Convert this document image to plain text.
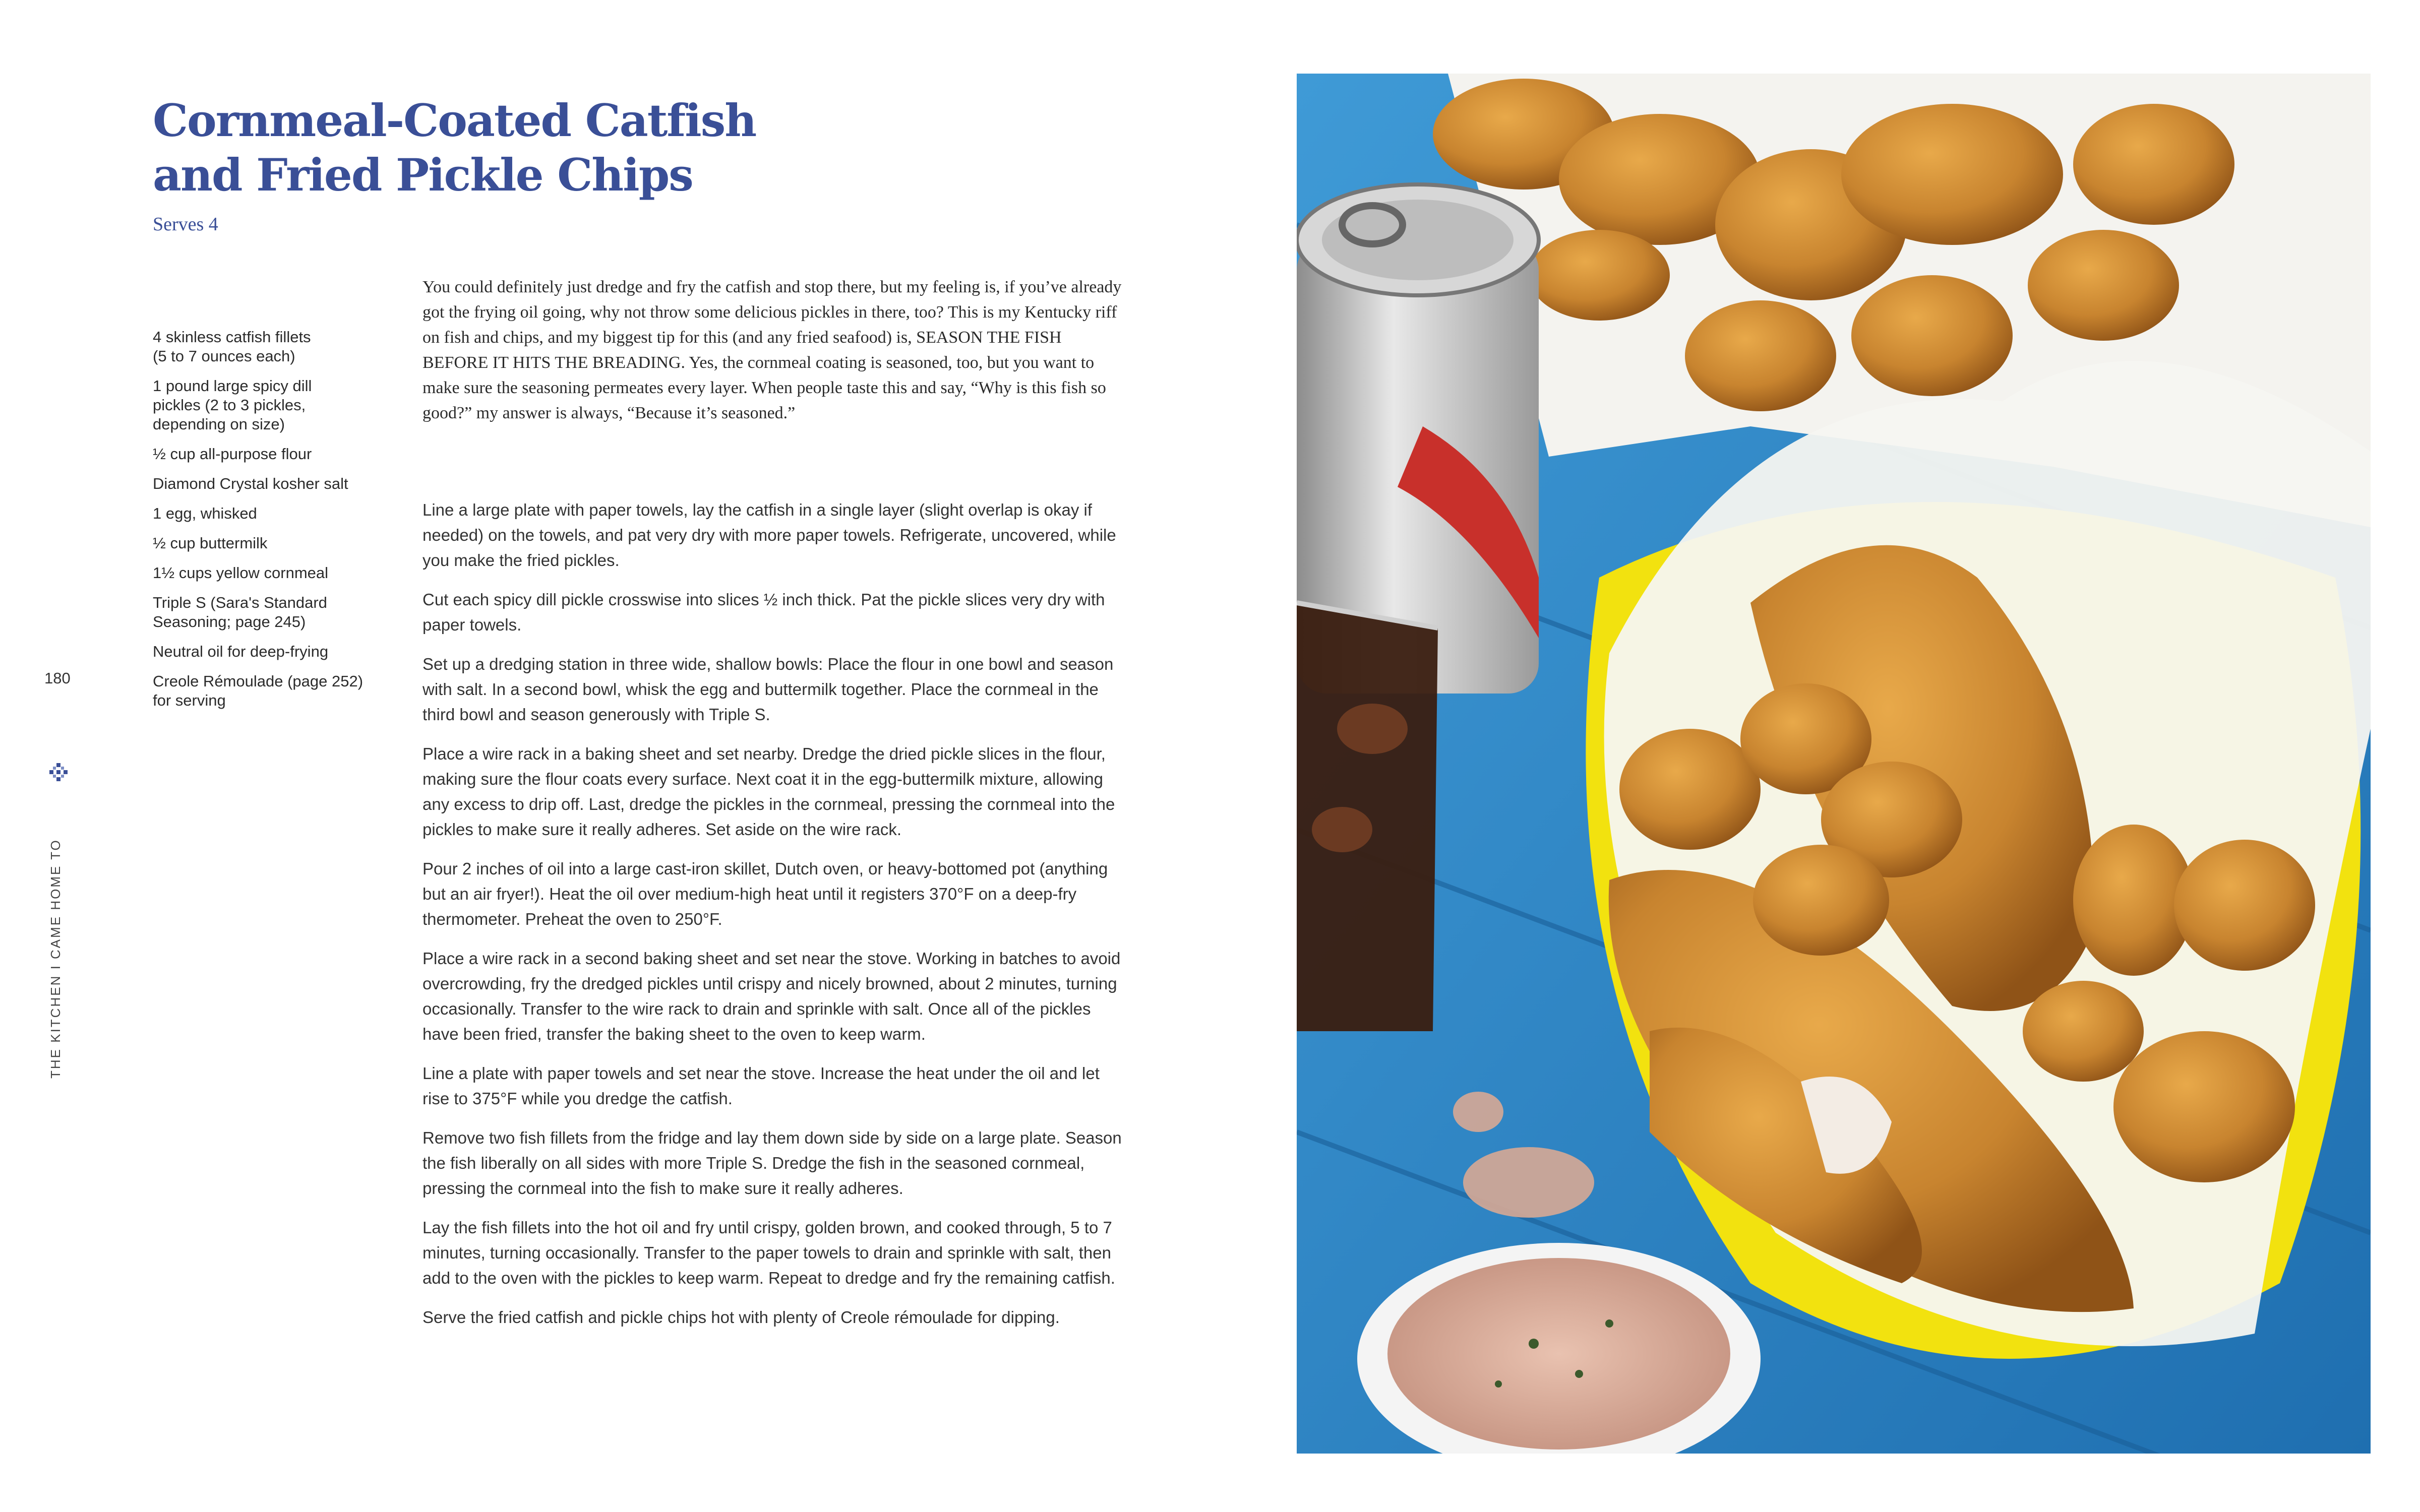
Cornmeal-Coated Catfish
and Fried Pickle Chips

Serves 4

4 skinless catfish fillets
(5 to 7 ounces each)
1 pound large spicy dill
pickles (2 to 3 pickles,
depending on size)
½ cup all-purpose flour
Diamond Crystal kosher salt
1 egg, whisked
½ cup buttermilk
1½ cups yellow cornmeal
Triple S (Sara's Standard
Seasoning; page 245)
Neutral oil for deep-frying
Creole Rémoulade (page 252)
for serving

You could definitely just dredge and fry the catfish and stop there, but my feeling is, if you’ve already got the frying oil going, why not throw some delicious pickles in there, too? This is my Kentucky riff on fish and chips, and my biggest tip for this (and any fried seafood) is, SEASON THE FISH BEFORE IT HITS THE BREADING. Yes, the cornmeal coating is seasoned, too, but you want to make sure the seasoning permeates every layer. When people taste this and say, “Why is this fish so good?” my answer is always, “Because it’s seasoned.”

Line a large plate with paper towels, lay the catfish in a single layer (slight overlap is okay if needed) on the towels, and pat very dry with more paper towels. Refrigerate, uncovered, while you make the fried pickles.

Cut each spicy dill pickle crosswise into slices ½ inch thick. Pat the pickle slices very dry with paper towels.

Set up a dredging station in three wide, shallow bowls: Place the flour in one bowl and season with salt. In a second bowl, whisk the egg and buttermilk together. Place the cornmeal in the third bowl and season generously with Triple S.

Place a wire rack in a baking sheet and set nearby. Dredge the dried pickle slices in the flour, making sure the flour coats every surface. Next coat it in the egg-buttermilk mixture, allowing any excess to drip off. Last, dredge the pickles in the cornmeal, pressing the cornmeal into the pickles to make sure it really adheres. Set aside on the wire rack.

Pour 2 inches of oil into a large cast-iron skillet, Dutch oven, or heavy-bottomed pot (anything but an air fryer!). Heat the oil over medium-high heat until it registers 370°F on a deep-fry thermometer. Preheat the oven to 250°F.

Place a wire rack in a second baking sheet and set near the stove. Working in batches to avoid overcrowding, fry the dredged pickles until crispy and nicely browned, about 2 minutes, turning occasionally. Transfer to the wire rack to drain and sprinkle with salt. Once all of the pickles have been fried, transfer the baking sheet to the oven to keep warm.

Line a plate with paper towels and set near the stove. Increase the heat under the oil and let rise to 375°F while you dredge the catfish.

Remove two fish fillets from the fridge and lay them down side by side on a large plate. Season the fish liberally on all sides with more Triple S. Dredge the fish in the seasoned cornmeal, pressing the cornmeal into the fish to make sure it really adheres.

Lay the fish fillets into the hot oil and fry until crispy, golden brown, and cooked through, 5 to 7 minutes, turning occasionally. Transfer to the paper towels to drain and sprinkle with salt, then add to the oven with the pickles to keep warm. Repeat to dredge and fry the remaining catfish.

Serve the fried catfish and pickle chips hot with plenty of Creole rémoulade for dipping.

180

THE KITCHEN I CAME HOME TO
